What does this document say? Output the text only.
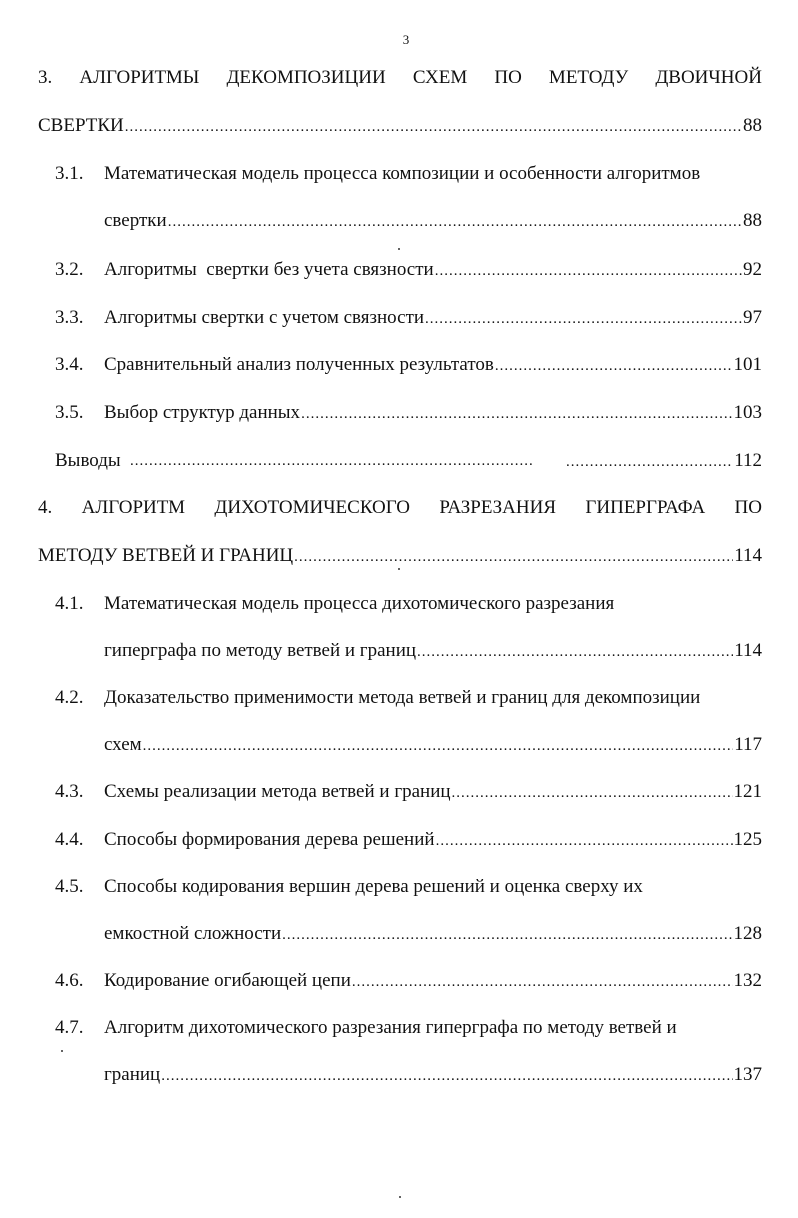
3
3. АЛГОРИТМЫ ДЕКОМПОЗИЦИИ СХЕМ ПО МЕТОДУ ДВОИЧНОЙ
СВЕРТКИ .....	88
3.1. Математическая модель процесса композиции и особенности алгоритмов
свертки .....	88
3.2. Алгоритмы  свертки без учета связности .....	92
3.3. Алгоритмы свертки с учетом связности .....	97
3.4. Сравнительный анализ полученных результатов .....	101
3.5. Выбор структур данных .....	103
Выводы ..... .....	112
4. АЛГОРИТМ ДИХОТОМИЧЕСКОГО РАЗРЕЗАНИЯ ГИПЕРГРАФА ПО
МЕТОДУ ВЕТВЕЙ И ГРАНИЦ .....	114
4.1. Математическая модель процесса дихотомического разрезания
гиперграфа по методу ветвей и границ .....	114
4.2. Доказательство применимости метода ветвей и границ для декомпозиции
схем .....	117
4.3. Схемы реализации метода ветвей и границ .....	121
4.4. Способы формирования дерева решений .....	125
4.5. Способы кодирования вершин дерева решений и оценка сверху их
емкостной сложности .....	128
4.6. Кодирование огибающей цепи .....	132
4.7. Алгоритм дихотомического разрезания гиперграфа по методу ветвей и
границ .....	137
